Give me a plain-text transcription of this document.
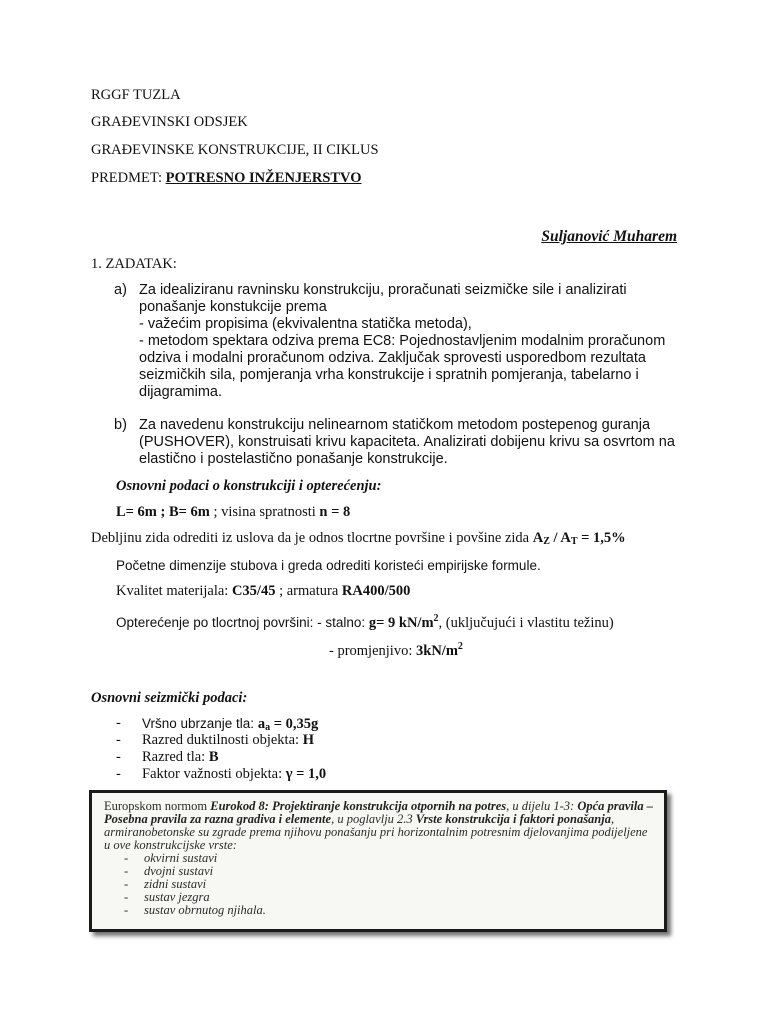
RGGF TUZLA
GRAĐEVINSKI ODSJEK
GRAĐEVINSKE KONSTRUKCIJE, II CIKLUS
PREDMET: POTRESNO INŽENJERSTVO
Suljanović Muharem
1. ZADATAK:
a) Za idealiziranu ravninsku konstrukciju, proračunati seizmičke sile i analizirati
ponašanje konstukcije prema
- važećim propisima (ekvivalentna statička metoda),
- metodom spektara odziva prema EC8: Pojednostavljenim modalnim proračunom
odziva i modalni proračunom odziva. Zaključak sprovesti usporedbom rezultata
seizmičkih sila, pomjeranja vrha konstrukcije i spratnih pomjeranja, tabelarno i
dijagramima.
b) Za navedenu konstrukciju nelinearnom statičkom metodom postepenog guranja
(PUSHOVER), konstruisati krivu kapaciteta. Analizirati dobijenu krivu sa osvrtom na
elastično i postelastično ponašanje konstrukcije.
Osnovni podaci o konstrukciji i opterećenju:
L= 6m ; B= 6m ; visina spratnosti n = 8
Debljinu zida odrediti iz uslova da je odnos tlocrtne površine i povšine zida $A_Z / A_T = 1,5\%$
Početne dimenzije stubova i greda odrediti koristeći empirijske formule.
Kvalitet materijala: C35/45 ; armatura RA400/500
Opterećenje po tlocrtnoj površini: - stalno: g= 9 $kN/m^2$, (uključujući i vlastitu težinu)
- promjenjivo: $3kN/m^2$
Osnovni seizmički podaci:
- Vršno ubrzanje tla: $a_a = 0,35g$
- Razred duktilnosti objekta: H
- Razred tla: B
- Faktor važnosti objekta: γ = 1,0
Europskom normom Eurokod 8: Projektiranje konstrukcija otpornih na potres, u dijelu 1-3: Opća pravila – Posebna pravila za razna gradiva i elemente, u poglavlju 2.3 Vrste konstrukcija i faktori ponašanja, armiranobetonske su zgrade prema njihovu ponašanju pri horizontalnim potresnim djelovanjima podijeljene u ove konstrukcijske vrste:
- okvirni sustavi
- dvojni sustavi
- zidni sustavi
- sustav jezgra
- sustav obrnutog njihala.
